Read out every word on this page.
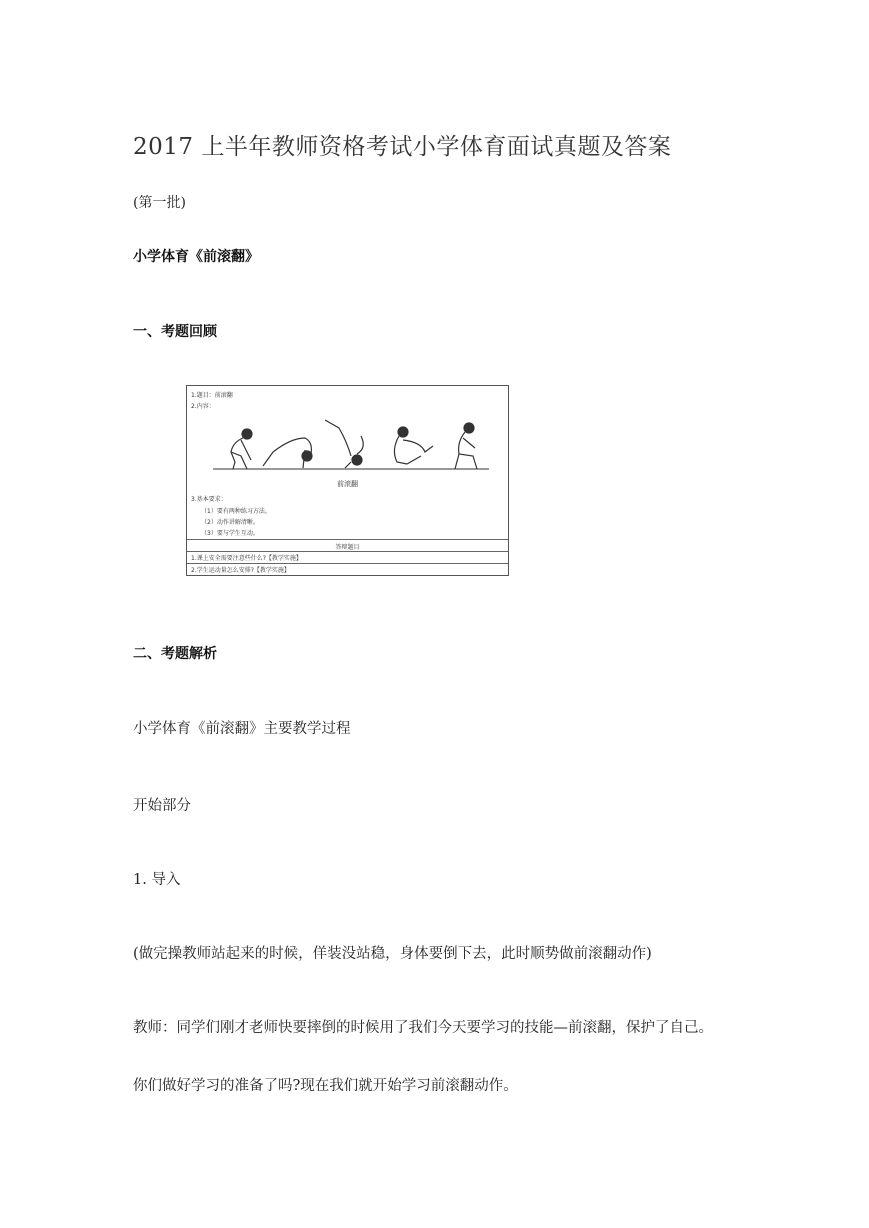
2017 上半年教师资格考试小学体育面试真题及答案
(第一批)
小学体育《前滚翻》
一、考题回顾
1.题目：前滚翻
2.内容：
前滚翻
3.基本要求：
（1）要有两种练习方法。
（2）动作讲解清晰。
（3）要与学生互动。
答辩题目
1.课上安全需要注意些什么?【教学实施】
2.学生运动量怎么安排?【教学实施】
二、考题解析
小学体育《前滚翻》主要教学过程
开始部分
1. 导入
(做完操教师站起来的时候，佯装没站稳，身体要倒下去，此时顺势做前滚翻动作)
教师：同学们刚才老师快要摔倒的时候用了我们今天要学习的技能—前滚翻，保护了自己。
你们做好学习的准备了吗?现在我们就开始学习前滚翻动作。
